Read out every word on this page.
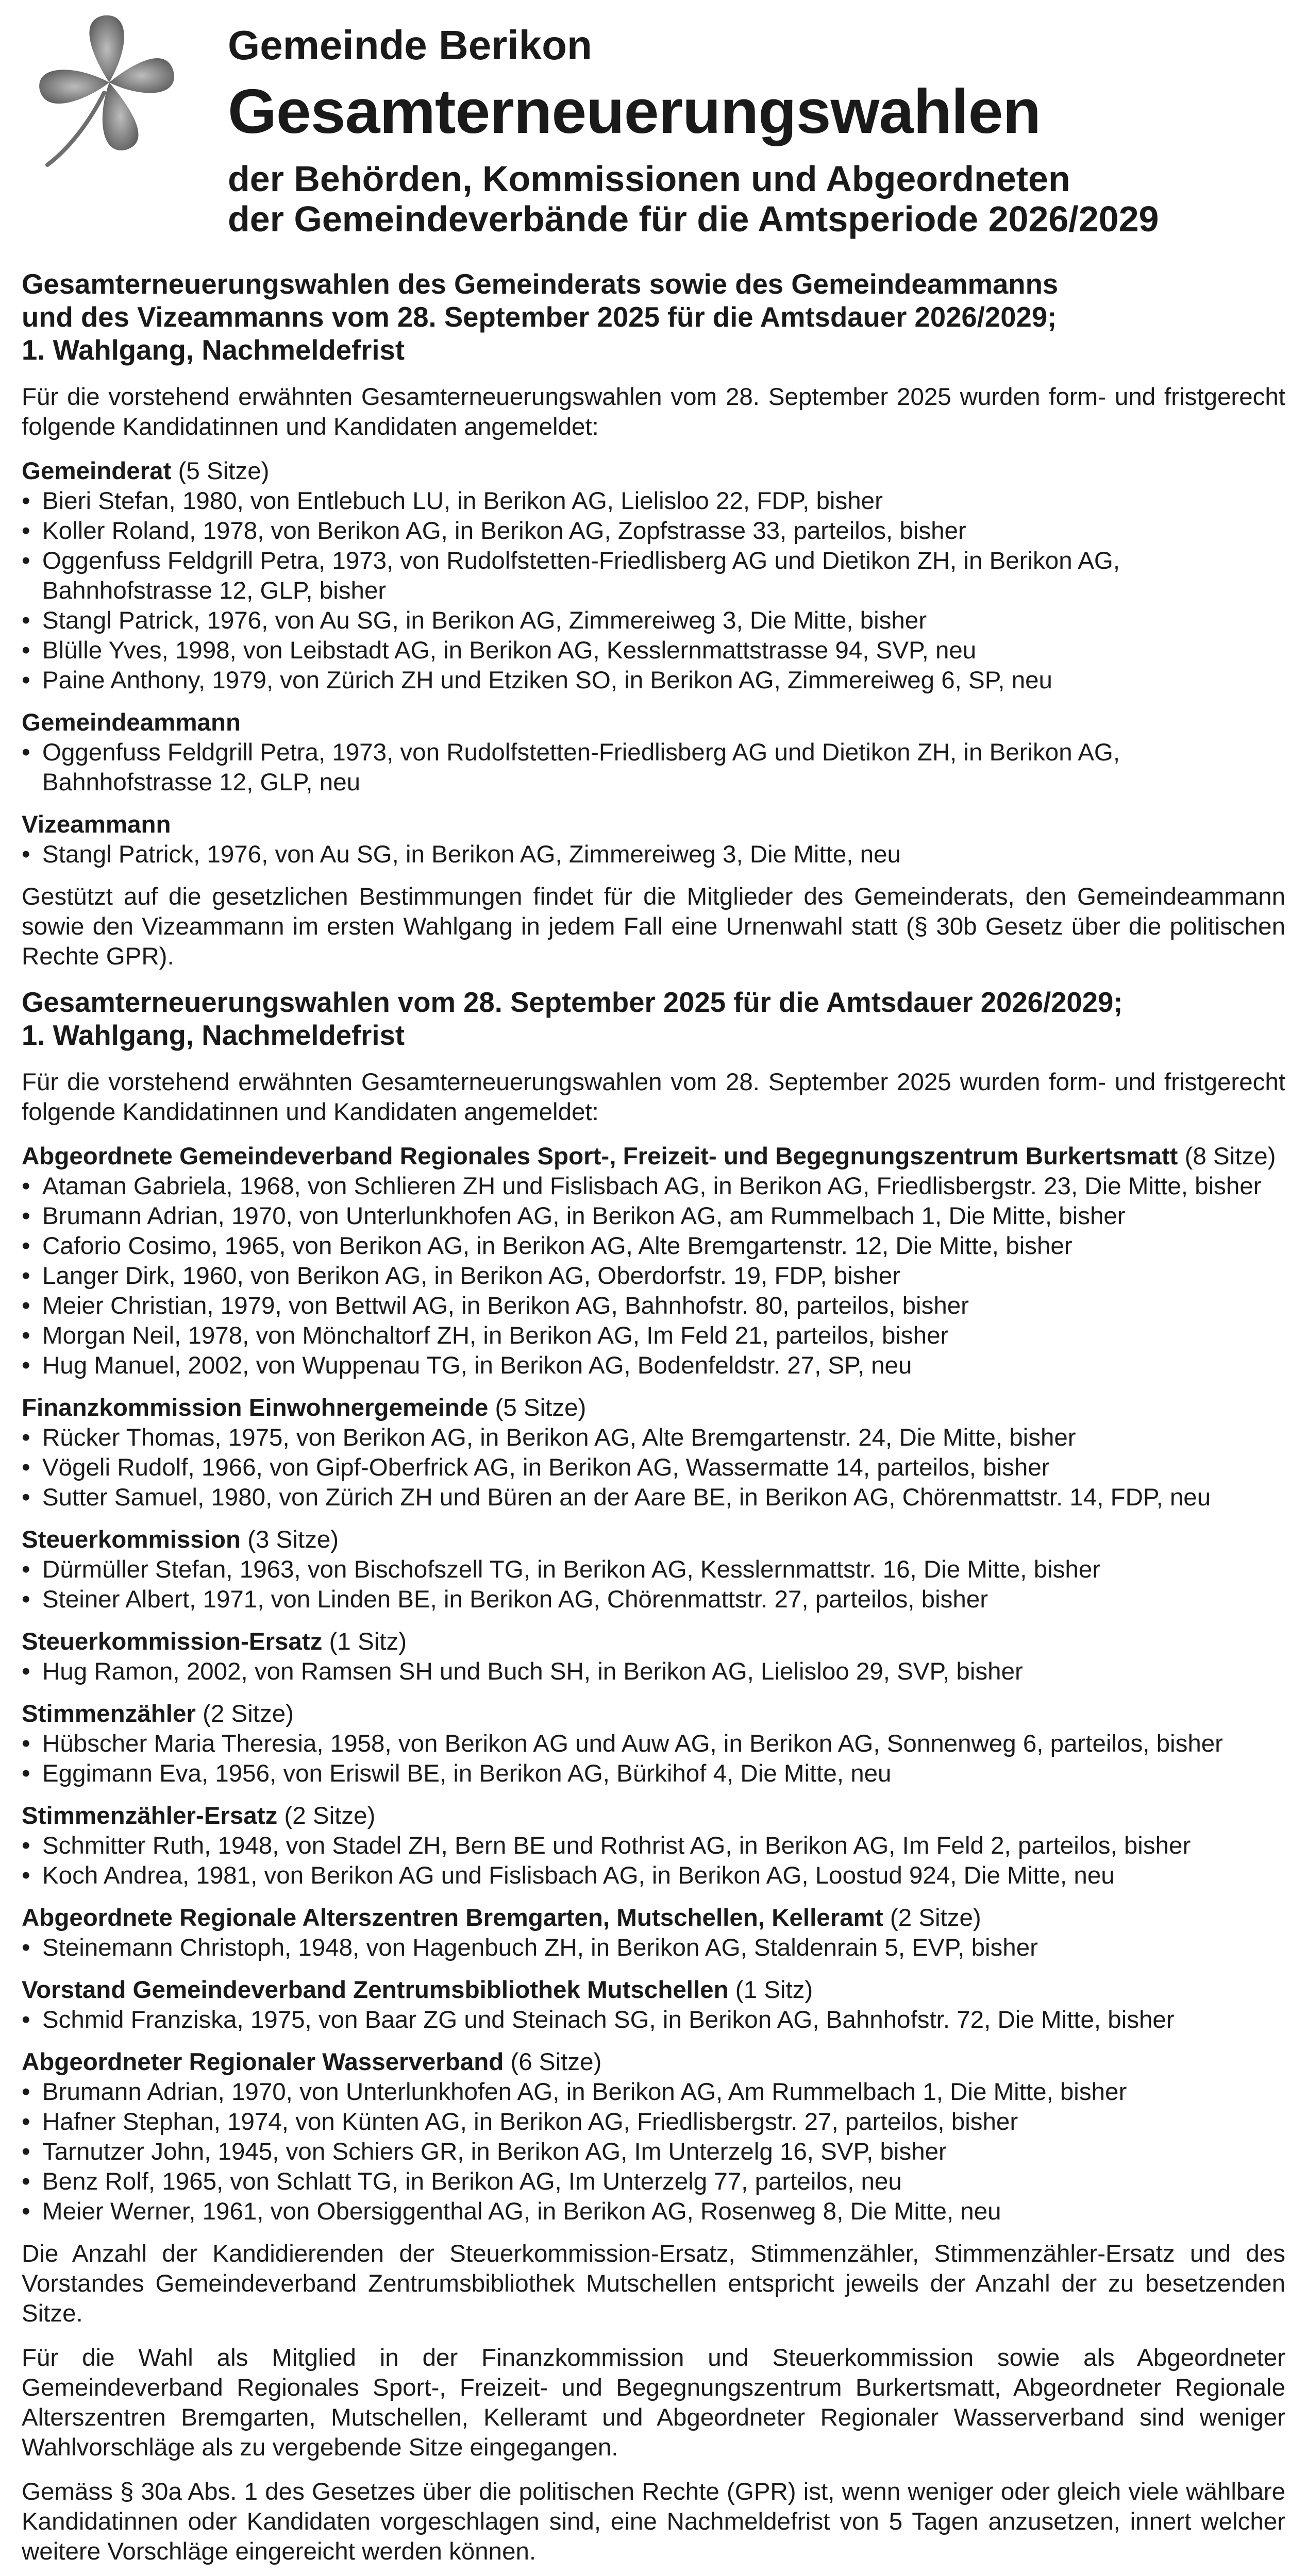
Gemeinde Berikon

Gesamterneuerungswahlen

der Behörden, Kommissionen und Abgeordneten

der Gemeindeverbände für die Amtsperiode 2026/2029

Gesamterneuerungswahlen des Gemeinderats sowie des Gemeindeammanns
und des Vizeammanns vom 28. September 2025 für die Amtsdauer 2026/2029;
1. Wahlgang, Nachmeldefrist

Für die vorstehend erwähnten Gesamterneuerungswahlen vom 28. September 2025 wurden form- und fristgerecht folgende Kandidatinnen und Kandidaten angemeldet:

Gemeinderat (5 Sitze)
• Bieri Stefan, 1980, von Entlebuch LU, in Berikon AG, Lielisloo 22, FDP, bisher
• Koller Roland, 1978, von Berikon AG, in Berikon AG, Zopfstrasse 33, parteilos, bisher
• Oggenfuss Feldgrill Petra, 1973, von Rudolfstetten-Friedlisberg AG und Dietikon ZH, in Berikon AG, Bahnhofstrasse 12, GLP, bisher
• Stangl Patrick, 1976, von Au SG, in Berikon AG, Zimmereiweg 3, Die Mitte, bisher
• Blülle Yves, 1998, von Leibstadt AG, in Berikon AG, Kesslernmattstrasse 94, SVP, neu
• Paine Anthony, 1979, von Zürich ZH und Etziken SO, in Berikon AG, Zimmereiweg 6, SP, neu
Gemeindeammann
• Oggenfuss Feldgrill Petra, 1973, von Rudolfstetten-Friedlisberg AG und Dietikon ZH, in Berikon AG, Bahnhofstrasse 12, GLP, neu
Vizeammann
• Stangl Patrick, 1976, von Au SG, in Berikon AG, Zimmereiweg 3, Die Mitte, neu

Gestützt auf die gesetzlichen Bestimmungen findet für die Mitglieder des Gemeinderats, den Gemeindeammann sowie den Vizeammann im ersten Wahlgang in jedem Fall eine Urnenwahl statt (§ 30b Gesetz über die politischen Rechte GPR).

Gesamterneuerungswahlen vom 28. September 2025 für die Amtsdauer 2026/2029;
1. Wahlgang, Nachmeldefrist

Für die vorstehend erwähnten Gesamterneuerungswahlen vom 28. September 2025 wurden form- und fristgerecht folgende Kandidatinnen und Kandidaten angemeldet:

Abgeordnete Gemeindeverband Regionales Sport-, Freizeit- und Begegnungszentrum Burkertsmatt (8 Sitze)
• Ataman Gabriela, 1968, von Schlieren ZH und Fislisbach AG, in Berikon AG, Friedlisbergstr. 23, Die Mitte, bisher
• Brumann Adrian, 1970, von Unterlunkhofen AG, in Berikon AG, am Rummelbach 1, Die Mitte, bisher
• Caforio Cosimo, 1965, von Berikon AG, in Berikon AG, Alte Bremgartenstr. 12, Die Mitte, bisher
• Langer Dirk, 1960, von Berikon AG, in Berikon AG, Oberdorfstr. 19, FDP, bisher
• Meier Christian, 1979, von Bettwil AG, in Berikon AG, Bahnhofstr. 80, parteilos, bisher
• Morgan Neil, 1978, von Mönchaltorf ZH, in Berikon AG, Im Feld 21, parteilos, bisher
• Hug Manuel, 2002, von Wuppenau TG, in Berikon AG, Bodenfeldstr. 27, SP, neu
Finanzkommission Einwohnergemeinde (5 Sitze)
• Rücker Thomas, 1975, von Berikon AG, in Berikon AG, Alte Bremgartenstr. 24, Die Mitte, bisher
• Vögeli Rudolf, 1966, von Gipf-Oberfrick AG, in Berikon AG, Wassermatte 14, parteilos, bisher
• Sutter Samuel, 1980, von Zürich ZH und Büren an der Aare BE, in Berikon AG, Chörenmattstr. 14, FDP, neu
Steuerkommission (3 Sitze)
• Dürmüller Stefan, 1963, von Bischofszell TG, in Berikon AG, Kesslernmattstr. 16, Die Mitte, bisher
• Steiner Albert, 1971, von Linden BE, in Berikon AG, Chörenmattstr. 27, parteilos, bisher
Steuerkommission-Ersatz (1 Sitz)
• Hug Ramon, 2002, von Ramsen SH und Buch SH, in Berikon AG, Lielisloo 29, SVP, bisher
Stimmenzähler (2 Sitze)
• Hübscher Maria Theresia, 1958, von Berikon AG und Auw AG, in Berikon AG, Sonnenweg 6, parteilos, bisher
• Eggimann Eva, 1956, von Eriswil BE, in Berikon AG, Bürkihof 4, Die Mitte, neu
Stimmenzähler-Ersatz (2 Sitze)
• Schmitter Ruth, 1948, von Stadel ZH, Bern BE und Rothrist AG, in Berikon AG, Im Feld 2, parteilos, bisher
• Koch Andrea, 1981, von Berikon AG und Fislisbach AG, in Berikon AG, Loostud 924, Die Mitte, neu
Abgeordnete Regionale Alterszentren Bremgarten, Mutschellen, Kelleramt (2 Sitze)
• Steinemann Christoph, 1948, von Hagenbuch ZH, in Berikon AG, Staldenrain 5, EVP, bisher
Vorstand Gemeindeverband Zentrumsbibliothek Mutschellen (1 Sitz)
• Schmid Franziska, 1975, von Baar ZG und Steinach SG, in Berikon AG, Bahnhofstr. 72, Die Mitte, bisher
Abgeordneter Regionaler Wasserverband (6 Sitze)
• Brumann Adrian, 1970, von Unterlunkhofen AG, in Berikon AG, Am Rummelbach 1, Die Mitte, bisher
• Hafner Stephan, 1974, von Künten AG, in Berikon AG, Friedlisbergstr. 27, parteilos, bisher
• Tarnutzer John, 1945, von Schiers GR, in Berikon AG, Im Unterzelg 16, SVP, bisher
• Benz Rolf, 1965, von Schlatt TG, in Berikon AG, Im Unterzelg 77, parteilos, neu
• Meier Werner, 1961, von Obersiggenthal AG, in Berikon AG, Rosenweg 8, Die Mitte, neu

Die Anzahl der Kandidierenden der Steuerkommission-Ersatz, Stimmenzähler, Stimmenzähler-Ersatz und des Vorstandes Gemeindeverband Zentrumsbibliothek Mutschellen entspricht jeweils der Anzahl der zu besetzenden Sitze.

Für die Wahl als Mitglied in der Finanzkommission und Steuerkommission sowie als Abgeordneter Gemeindeverband Regionales Sport-, Freizeit- und Begegnungszentrum Burkertsmatt, Abgeordneter Regionale Alterszentren Bremgarten, Mutschellen, Kelleramt und Abgeordneter Regionaler Wasserverband sind weniger Wahlvorschläge als zu vergebende Sitze eingegangen.

Gemäss § 30a Abs. 1 des Gesetzes über die politischen Rechte (GPR) ist, wenn weniger oder gleich viele wählbare Kandidatinnen oder Kandidaten vorgeschlagen sind, eine Nachmeldefrist von 5 Tagen anzusetzen, innert welcher weitere Vorschläge eingereicht werden können.
